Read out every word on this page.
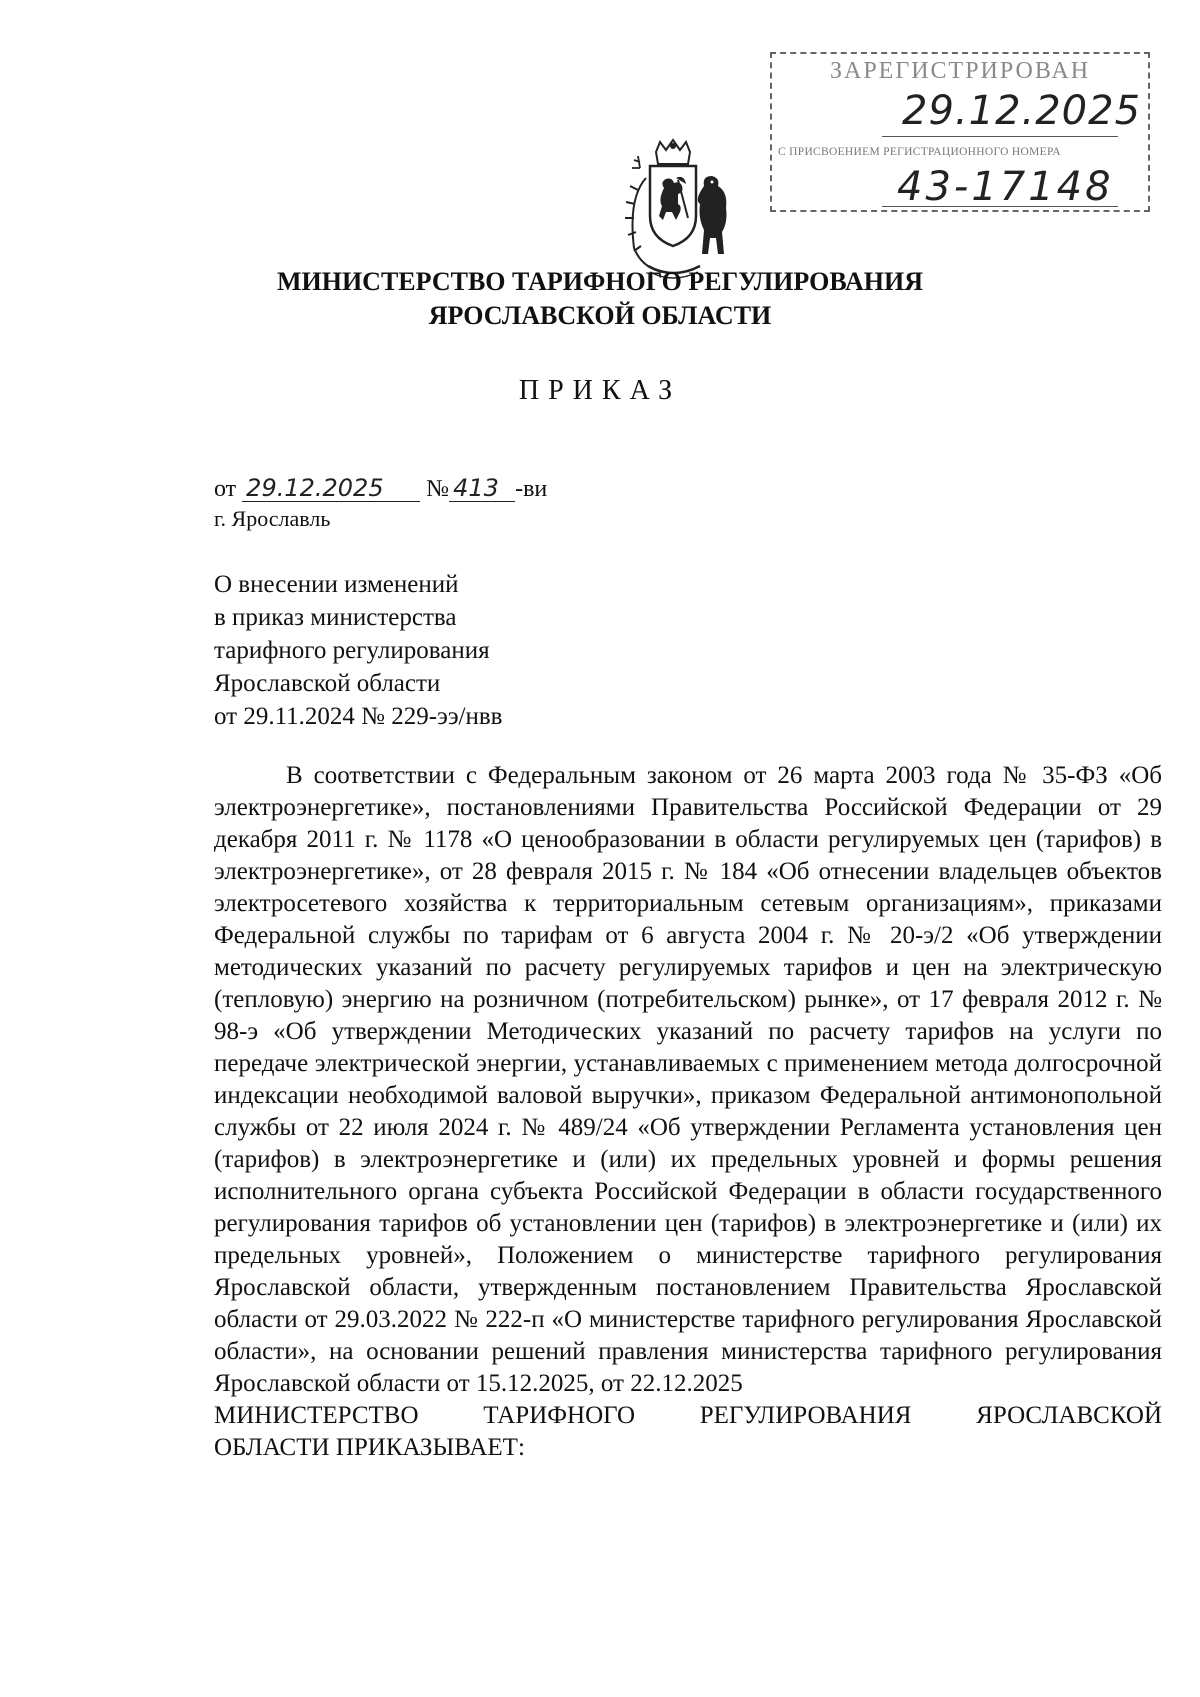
ЗАРЕГИСТРИРОВАН
29.12.2025
С ПРИСВОЕНИЕМ РЕГИСТРАЦИОННОГО НОМЕРА
43-17148
МИНИСТЕРСТВО ТАРИФНОГО РЕГУЛИРОВАНИЯ
ЯРОСЛАВСКОЙ ОБЛАСТИ
ПРИКАЗ
от 29.12.2025 № 413 -ви
г. Ярославль
О внесении изменений
в приказ министерства
тарифного регулирования
Ярославской области
от 29.11.2024 № 229-ээ/нвв

В соответствии с Федеральным законом от 26 марта 2003 года № 35-ФЗ «Об электроэнергетике», постановлениями Правительства Российской Федерации от 29 декабря 2011 г. № 1178 «О ценообразовании в области регулируемых цен (тарифов) в электроэнергетике», от 28 февраля 2015 г. № 184 «Об отнесении владельцев объектов электросетевого хозяйства к территориальным сетевым организациям», приказами Федеральной службы по тарифам от 6 августа 2004 г. № 20-э/2 «Об утверждении методических указаний по расчету регулируемых тарифов и цен на электрическую (тепловую) энергию на розничном (потребительском) рынке», от 17 февраля 2012 г. № 98-э «Об утверждении Методических указаний по расчету тарифов на услуги по передаче электрической энергии, устанавливаемых с применением метода долгосрочной индексации необходимой валовой выручки», приказом Федеральной антимонопольной службы от 22 июля 2024 г. № 489/24 «Об утверждении Регламента установления цен (тарифов) в электроэнергетике и (или) их предельных уровней и формы решения исполнительного органа субъекта Российской Федерации в области государственного регулирования тарифов об установлении цен (тарифов) в электроэнергетике и (или) их предельных уровней», Положением о министерстве тарифного регулирования Ярославской области, утвержденным постановлением Правительства Ярославской области от 29.03.2022 № 222-п «О министерстве тарифного регулирования Ярославской области», на основании решений правления министерства тарифного регулирования Ярославской области от 15.12.2025, от 22.12.2025

МИНИСТЕРСТВО ТАРИФНОГО РЕГУЛИРОВАНИЯ ЯРОСЛАВСКОЙ

ОБЛАСТИ ПРИКАЗЫВАЕТ:
